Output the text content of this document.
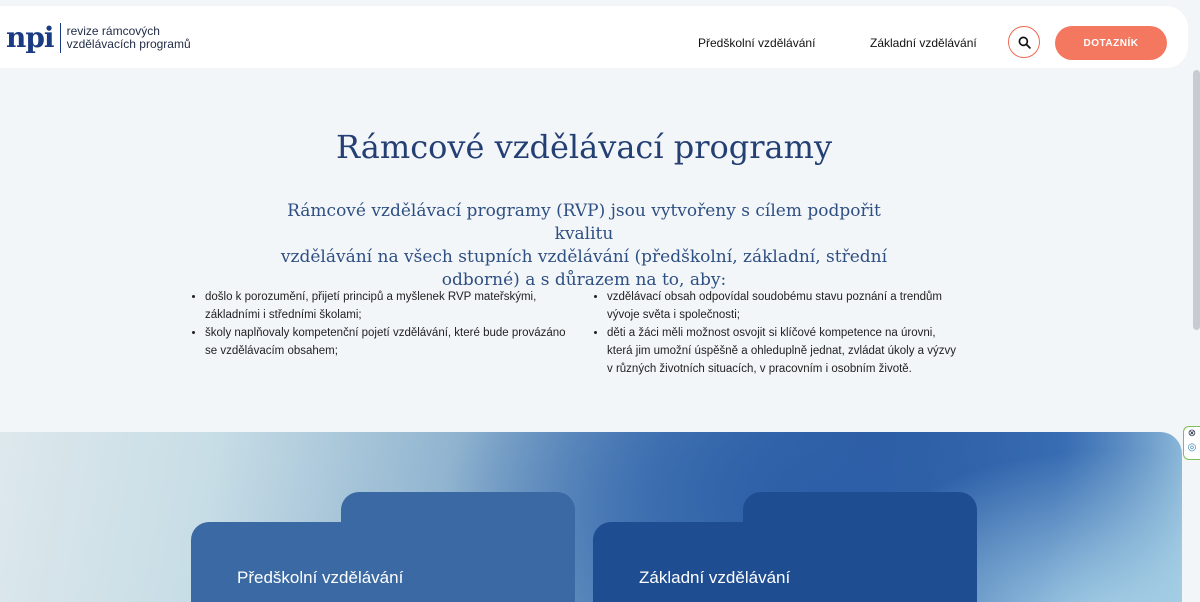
npi revize rámcových
vzdělávacích programů	Předškolní vzdělávání	Základní vzdělávání	DOTAZNÍK
Rámcové vzdělávací programy

Rámcové vzdělávací programy (RVP) jsou vytvořeny s cílem podpořit kvalitu
vzdělávání na všech stupních vzdělávání (předškolní, základní, střední
odborné) a s důrazem na to, aby:

• došlo k porozumění, přijetí principů a myšlenek RVP mateřskými,
základními i středními školami;
• školy naplňovaly kompetenční pojetí vzdělávání, které bude provázáno
se vzdělávacím obsahem;
• vzdělávací obsah odpovídal soudobému stavu poznání a trendům
vývoje světa i společnosti;
• děti a žáci měli možnost osvojit si klíčové kompetence na úrovni,
která jim umožní úspěšně a ohleduplně jednat, zvládat úkoly a výzvy
v různých životních situacích, v pracovním i osobním životě.
Předškolní vzdělávání	Základní vzdělávání
⊗
◎
